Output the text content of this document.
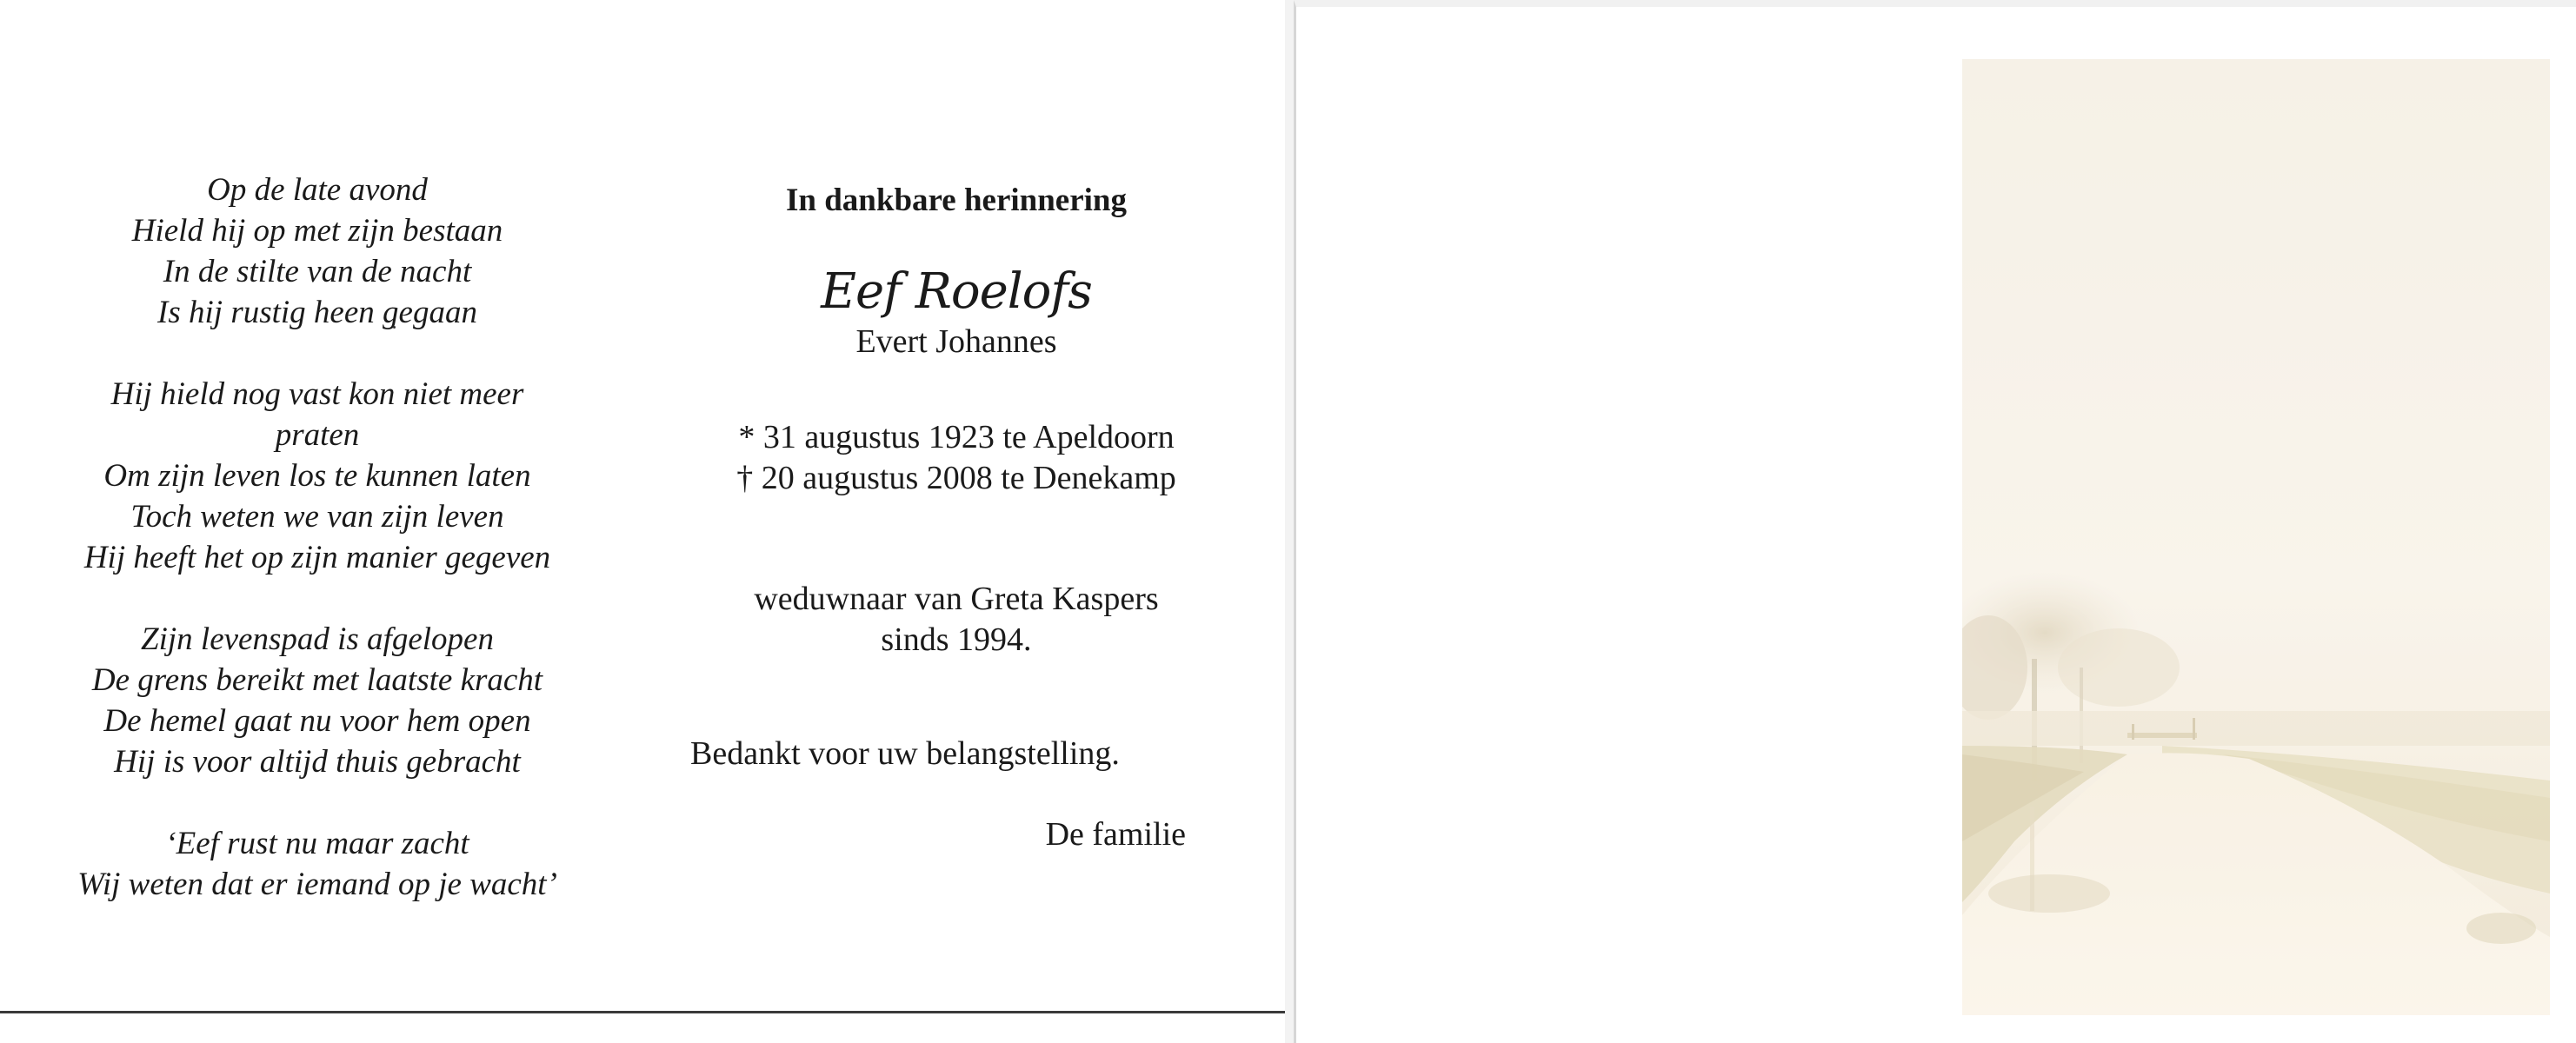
Op de late avond
Hield hij op met zijn bestaan
In de stilte van de nacht
Is hij rustig heen gegaan
Hij hield nog vast kon niet meer
praten
Om zijn leven los te kunnen laten
Toch weten we van zijn leven
Hij heeft het op zijn manier gegeven
Zijn levenspad is afgelopen
De grens bereikt met laatste kracht
De hemel gaat nu voor hem open
Hij is voor altijd thuis gebracht
‘Eef rust nu maar zacht
Wij weten dat er iemand op je wacht’
In dankbare herinnering
Eef Roelofs
Evert Johannes
* 31 augustus 1923 te Apeldoorn
† 20 augustus 2008 te Denekamp
weduwnaar van Greta Kaspers
sinds 1994.
Bedankt voor uw belangstelling.
De familie
